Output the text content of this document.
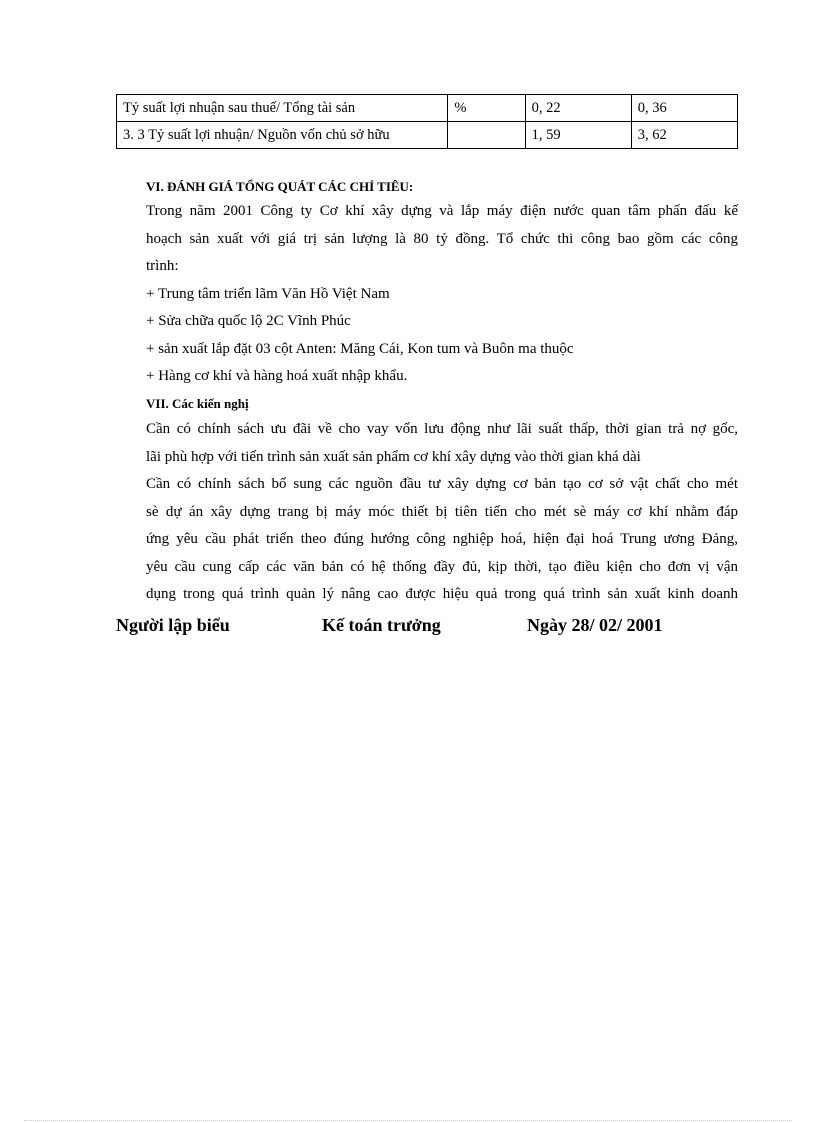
Tỷ suất lợi nhuận sau thuế/ Tổng tài sản	%	0, 22	0, 36
3. 3 Tỷ suất lợi nhuận/ Nguồn vốn chủ sở hữu		1, 59	3, 62
VI. ĐÁNH GIÁ TỔNG QUÁT CÁC CHỈ TIÊU:

Trong năm 2001 Công ty Cơ khí xây dựng và lắp máy điện nước quan tâm phấn đấu kế
hoạch sản xuất với giá trị sản lượng là 80 tỷ đồng. Tổ chức thi công bao gồm các công
trình:

+ Trung tâm triển lãm Văn Hồ Việt Nam
+ Sửa chữa quốc lộ 2C Vĩnh Phúc
+ sản xuất lắp đặt 03 cột Anten: Măng Cái, Kon tum và Buôn ma thuộc
+ Hàng cơ khí và hàng hoá xuất nhập khẩu.
VII. Các kiến nghị

Cần có chính sách ưu đãi về cho vay vốn lưu động như lãi suất thấp, thời gian trả nợ gốc,
lãi phù hợp với tiến trình sản xuất sản phẩm cơ khí xây dựng vào thời gian khá dài

Cần có chính sách bổ sung các nguồn đầu tư xây dựng cơ bản tạo cơ sở vật chất cho mét
sè dự án xây dựng trang bị máy móc thiết bị tiên tiến cho mét sè máy cơ khí nhằm đáp
ứng yêu cầu phát triển theo đúng hướng công nghiệp hoá, hiện đại hoá Trung ương Đảng,
yêu cầu cung cấp các văn bản có hệ thống đầy đủ, kịp thời, tạo điều kiện cho đơn vị vận
dụng trong quá trình quản lý nâng cao được hiệu quả trong quá trình sản xuất kinh doanh

Người lập biểu	Kế toán trưởng	Ngày 28/ 02/ 2001
